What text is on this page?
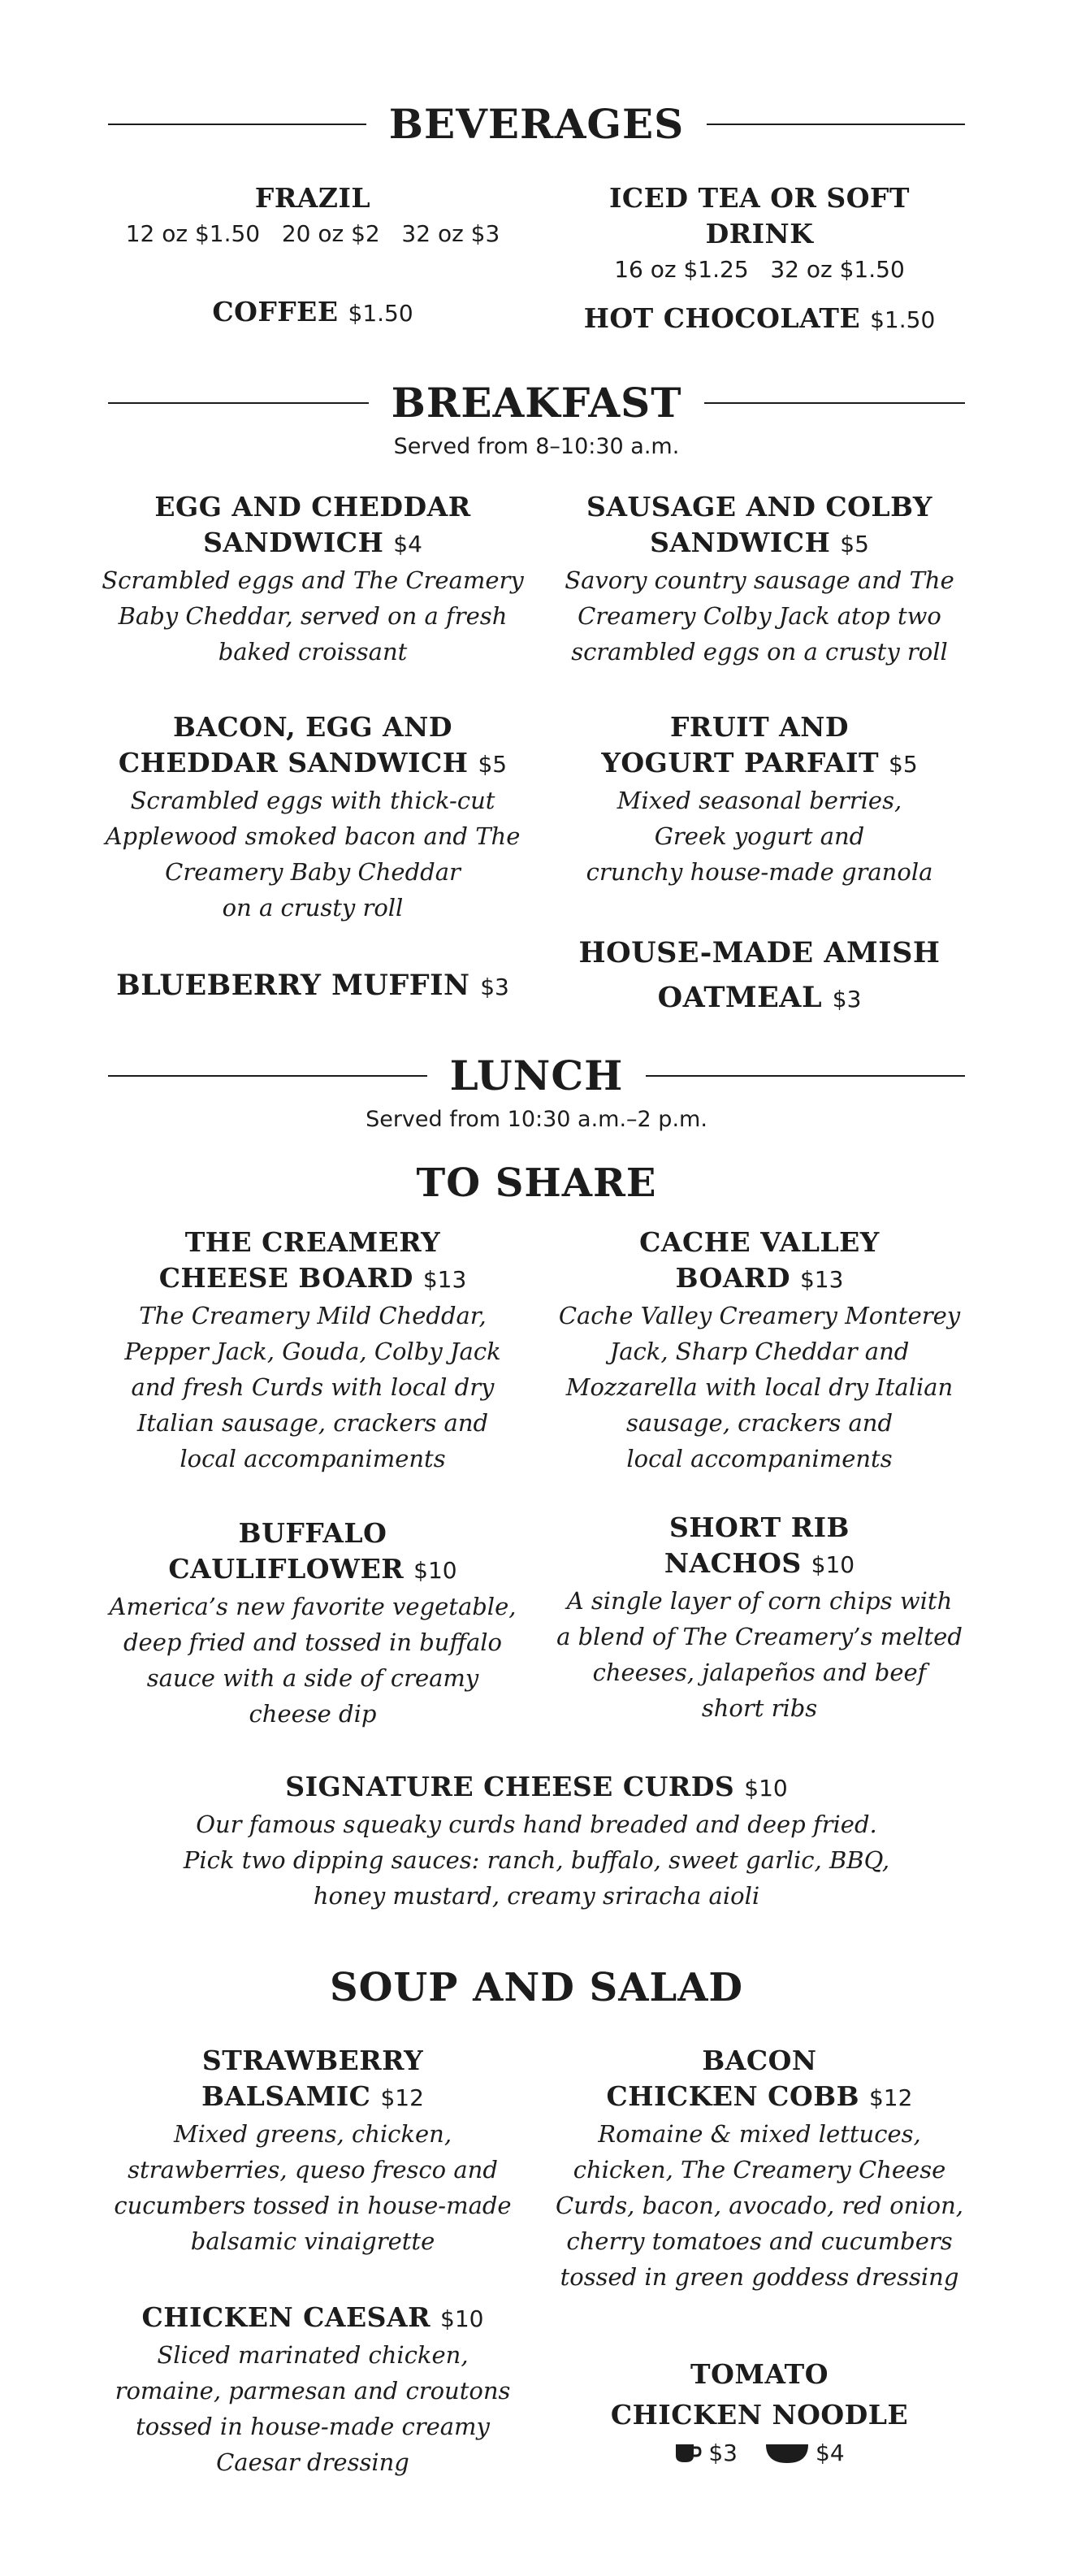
BEVERAGES
FRAZIL
12 oz $1.50   20 oz $2   32 oz $3
ICED TEA OR SOFT DRINK
16 oz $1.25   32 oz $1.50
COFFEE $1.50	HOT CHOCOLATE $1.50
BREAKFAST
Served from 8–10:30 a.m.
EGG AND CHEDDAR
SANDWICH $4
Scrambled eggs and The Creamery
Baby Cheddar, served on a fresh
baked croissant
SAUSAGE AND COLBY
SANDWICH $5
Savory country sausage and The
Creamery Colby Jack atop two
scrambled eggs on a crusty roll
BACON, EGG AND
CHEDDAR SANDWICH $5
Scrambled eggs with thick-cut
Applewood smoked bacon and The
Creamery Baby Cheddar
on a crusty roll
FRUIT AND
YOGURT PARFAIT $5
Mixed seasonal berries,
Greek yogurt and
crunchy house-made granola
BLUEBERRY MUFFIN $3
HOUSE-MADE AMISH
OATMEAL $3
LUNCH
Served from 10:30 a.m.–2 p.m.
TO SHARE
THE CREAMERY
CHEESE BOARD $13
The Creamery Mild Cheddar,
Pepper Jack, Gouda, Colby Jack
and fresh Curds with local dry
Italian sausage, crackers and
local accompaniments
CACHE VALLEY
BOARD $13
Cache Valley Creamery Monterey
Jack, Sharp Cheddar and
Mozzarella with local dry Italian
sausage, crackers and
local accompaniments
BUFFALO
CAULIFLOWER $10
America’s new favorite vegetable,
deep fried and tossed in buffalo
sauce with a side of creamy
cheese dip
SHORT RIB
NACHOS $10
A single layer of corn chips with
a blend of The Creamery’s melted
cheeses, jalapeños and beef
short ribs
SIGNATURE CHEESE CURDS $10
Our famous squeaky curds hand breaded and deep fried.
Pick two dipping sauces: ranch, buffalo, sweet garlic, BBQ,
honey mustard, creamy sriracha aioli
SOUP AND SALAD
STRAWBERRY
BALSAMIC $12
Mixed greens, chicken,
strawberries, queso fresco and
cucumbers tossed in house-made
balsamic vinaigrette
BACON
CHICKEN COBB $12
Romaine & mixed lettuces,
chicken, The Creamery Cheese
Curds, bacon, avocado, red onion,
cherry tomatoes and cucumbers
tossed in green goddess dressing
CHICKEN CAESAR $10
Sliced marinated chicken,
romaine, parmesan and croutons
tossed in house-made creamy
Caesar dressing
TOMATO
CHICKEN NOODLE
$3	$4
